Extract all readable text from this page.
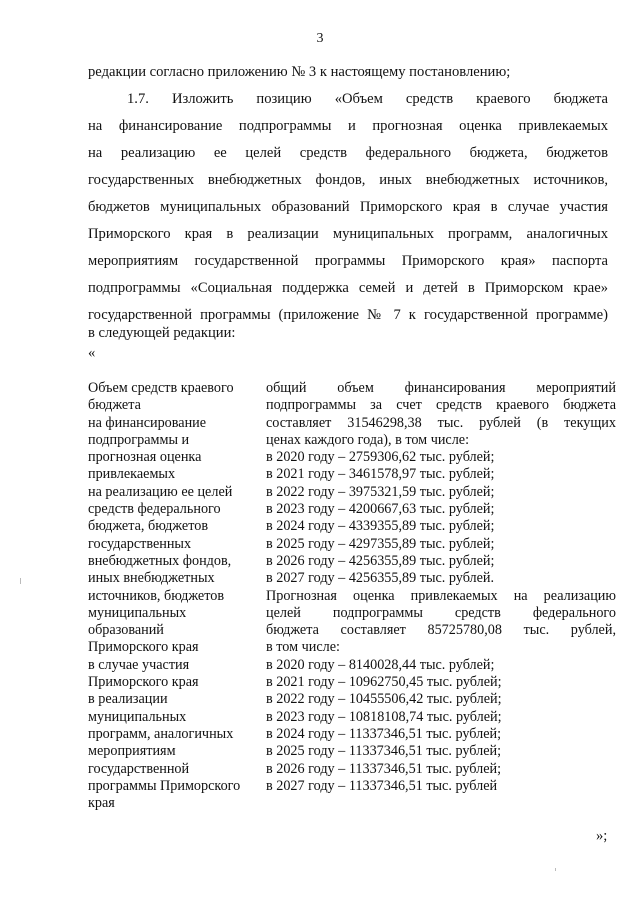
3
редакции согласно приложению № 3 к настоящему постановлению;
1.7. Изложить позицию «Объем средств краевого бюджета
на финансирование подпрограммы и прогнозная оценка привлекаемых
на реализацию ее целей средств федерального бюджета, бюджетов
государственных внебюджетных фондов, иных внебюджетных источников,
бюджетов муниципальных образований Приморского края в случае участия
Приморского края в реализации муниципальных программ, аналогичных
мероприятиям государственной программы Приморского края» паспорта
подпрограммы «Социальная поддержка семей и детей в Приморском крае»
государственной программы (приложение № 7 к государственной программе)
в следующей редакции:
«
Объем средств краевого
бюджета
на финансирование
подпрограммы и
прогнозная оценка
привлекаемых
на реализацию ее целей
средств федерального
бюджета, бюджетов
государственных
внебюджетных фондов,
иных внебюджетных
источников, бюджетов
муниципальных
образований
Приморского края
в случае участия
Приморского края
в реализации
муниципальных
программ, аналогичных
мероприятиям
государственной
программы Приморского
края
общий объем финансирования мероприятий
подпрограммы за счет средств краевого бюджета
составляет 31546298,38 тыс. рублей (в текущих
ценах каждого года), в том числе:
в 2020 году – 2759306,62 тыс. рублей;
в 2021 году – 3461578,97 тыс. рублей;
в 2022 году – 3975321,59 тыс. рублей;
в 2023 году – 4200667,63 тыс. рублей;
в 2024 году – 4339355,89 тыс. рублей;
в 2025 году – 4297355,89 тыс. рублей;
в 2026 году – 4256355,89 тыс. рублей;
в 2027 году – 4256355,89 тыс. рублей.
Прогнозная оценка привлекаемых на реализацию
целей подпрограммы средств федерального
бюджета составляет 85725780,08 тыс. рублей,
в том числе:
в 2020 году – 8140028,44 тыс. рублей;
в 2021 году – 10962750,45 тыс. рублей;
в 2022 году – 10455506,42 тыс. рублей;
в 2023 году – 10818108,74 тыс. рублей;
в 2024 году – 11337346,51 тыс. рублей;
в 2025 году – 11337346,51 тыс. рублей;
в 2026 году – 11337346,51 тыс. рублей;
в 2027 году – 11337346,51 тыс. рублей
»;
